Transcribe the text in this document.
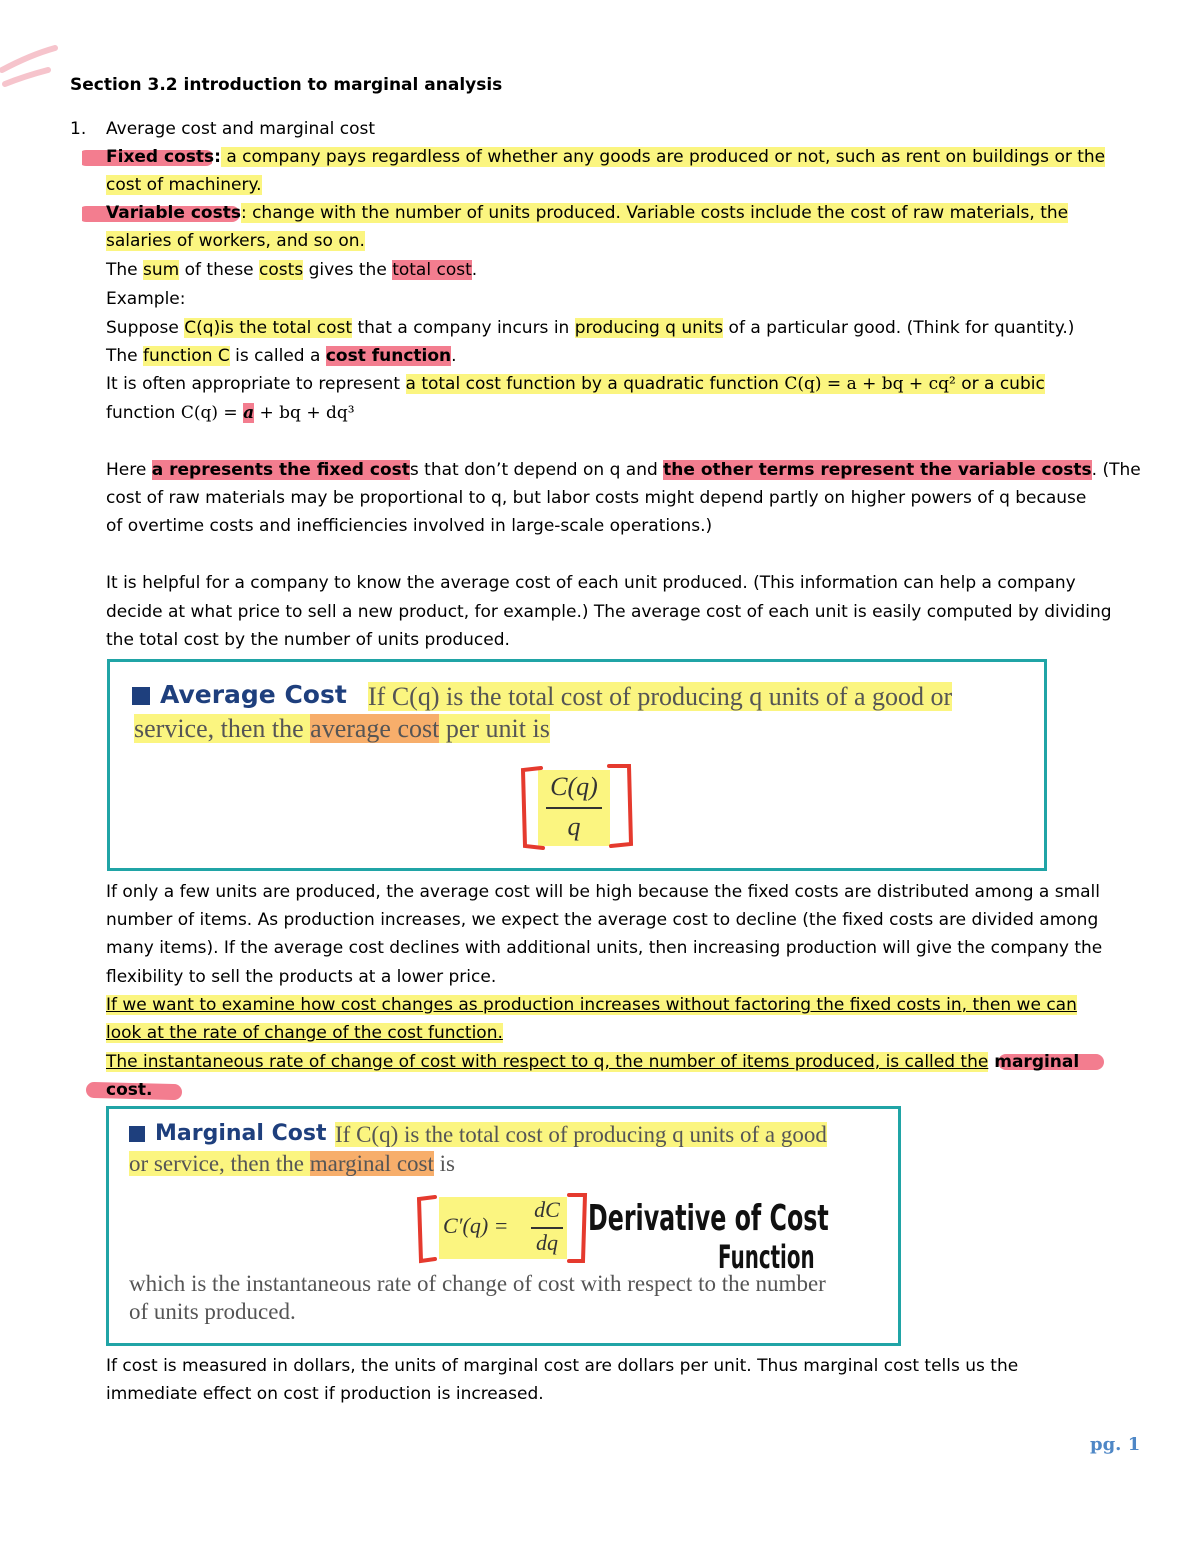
Section 3.2 introduction to marginal analysis
1. Average cost and marginal cost
Fixed costs: a company pays regardless of whether any goods are produced or not, such as rent on buildings or the
cost of machinery.
Variable costs: change with the number of units produced. Variable costs include the cost of raw materials, the
salaries of workers, and so on.
The sum of these costs gives the total cost.
Example:
Suppose C(q)is the total cost that a company incurs in producing q units of a particular good. (Think for quantity.)
The function C is called a cost function.
It is often appropriate to represent a total cost function by a quadratic function C(q) = a + bq + cq² or a cubic
function C(q) = a + bq + dq³
Here a represents the fixed costs that don’t depend on q and the other terms represent the variable costs. (The
cost of raw materials may be proportional to q, but labor costs might depend partly on higher powers of q because
of overtime costs and inefficiencies involved in large-scale operations.)
It is helpful for a company to know the average cost of each unit produced. (This information can help a company
decide at what price to sell a new product, for example.) The average cost of each unit is easily computed by dividing
the total cost by the number of units produced.
Average Cost If C(q) is the total cost of producing q units of a good or
service, then the average cost per unit is
C(q)
q
If only a few units are produced, the average cost will be high because the fixed costs are distributed among a small
number of items. As production increases, we expect the average cost to decline (the fixed costs are divided among
many items). If the average cost declines with additional units, then increasing production will give the company the
flexibility to sell the products at a lower price.
If we want to examine how cost changes as production increases without factoring the fixed costs in, then we can
look at the rate of change of the cost function.
The instantaneous rate of change of cost with respect to q, the number of items produced, is called the marginal
cost.
Marginal Cost If C(q) is the total cost of producing q units of a good
or service, then the marginal cost is
C′(q) =
dC
dq
which is the instantaneous rate of change of cost with respect to the number
of units produced.
Derivative of Cost
Function
If cost is measured in dollars, the units of marginal cost are dollars per unit. Thus marginal cost tells us the
immediate effect on cost if production is increased.
pg. 1
